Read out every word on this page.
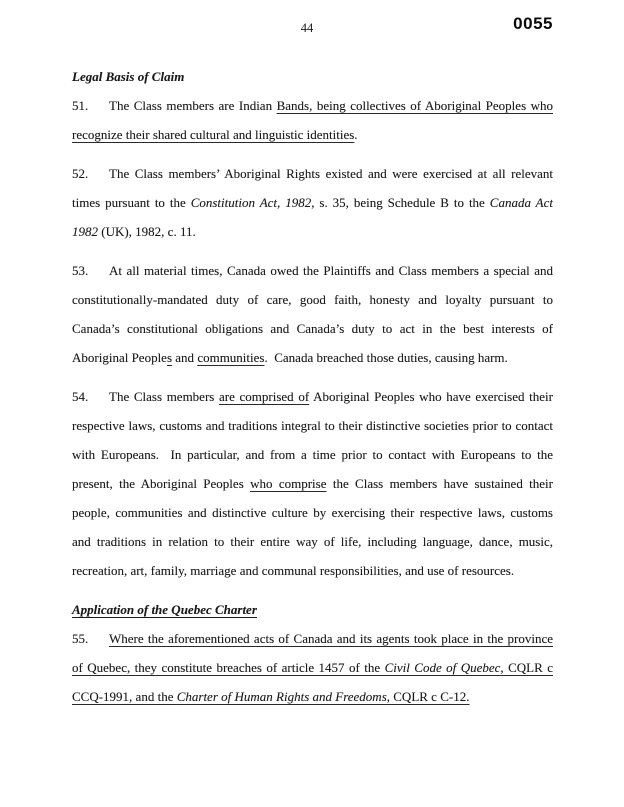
44	0055

Legal Basis of Claim

51. The Class members are Indian Bands, being collectives of Aboriginal Peoples who recognize their shared cultural and linguistic identities.

52. The Class members’ Aboriginal Rights existed and were exercised at all relevant times pursuant to the Constitution Act, 1982, s. 35, being Schedule B to the Canada Act 1982 (UK), 1982, c. 11.

53. At all material times, Canada owed the Plaintiffs and Class members a special and constitutionally-mandated duty of care, good faith, honesty and loyalty pursuant to Canada’s constitutional obligations and Canada’s duty to act in the best interests of Aboriginal Peoples and communities.  Canada breached those duties, causing harm.

54. The Class members are comprised of Aboriginal Peoples who have exercised their respective laws, customs and traditions integral to their distinctive societies prior to contact with Europeans.  In particular, and from a time prior to contact with Europeans to the present, the Aboriginal Peoples who comprise the Class members have sustained their people, communities and distinctive culture by exercising their respective laws, customs and traditions in relation to their entire way of life, including language, dance, music, recreation, art, family, marriage and communal responsibilities, and use of resources.

Application of the Quebec Charter

55. Where the aforementioned acts of Canada and its agents took place in the province of Quebec, they constitute breaches of article 1457 of the Civil Code of Quebec, CQLR c CCQ-1991, and the Charter of Human Rights and Freedoms, CQLR c C-12.
